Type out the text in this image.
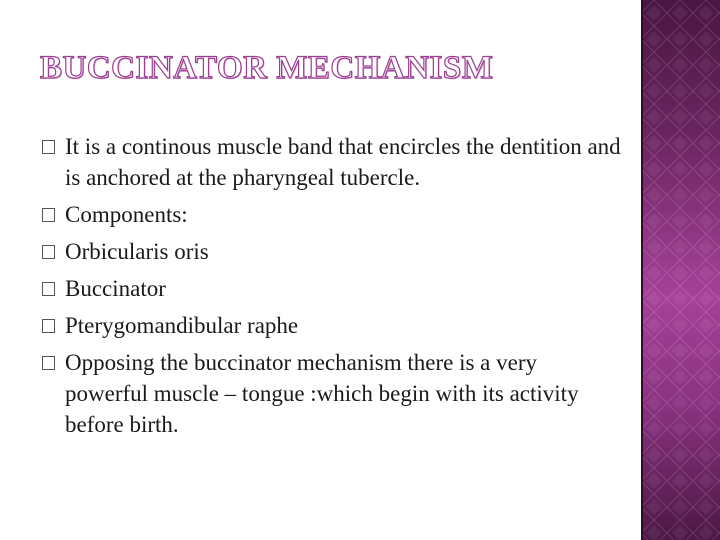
BUCCINATOR MECHANISM
It is a continous muscle band that encircles the dentition and is anchored at the pharyngeal tubercle.
Components:
Orbicularis oris
Buccinator
Pterygomandibular raphe
Opposing the buccinator mechanism there is a very powerful muscle – tongue :which begin with its activity before birth.
